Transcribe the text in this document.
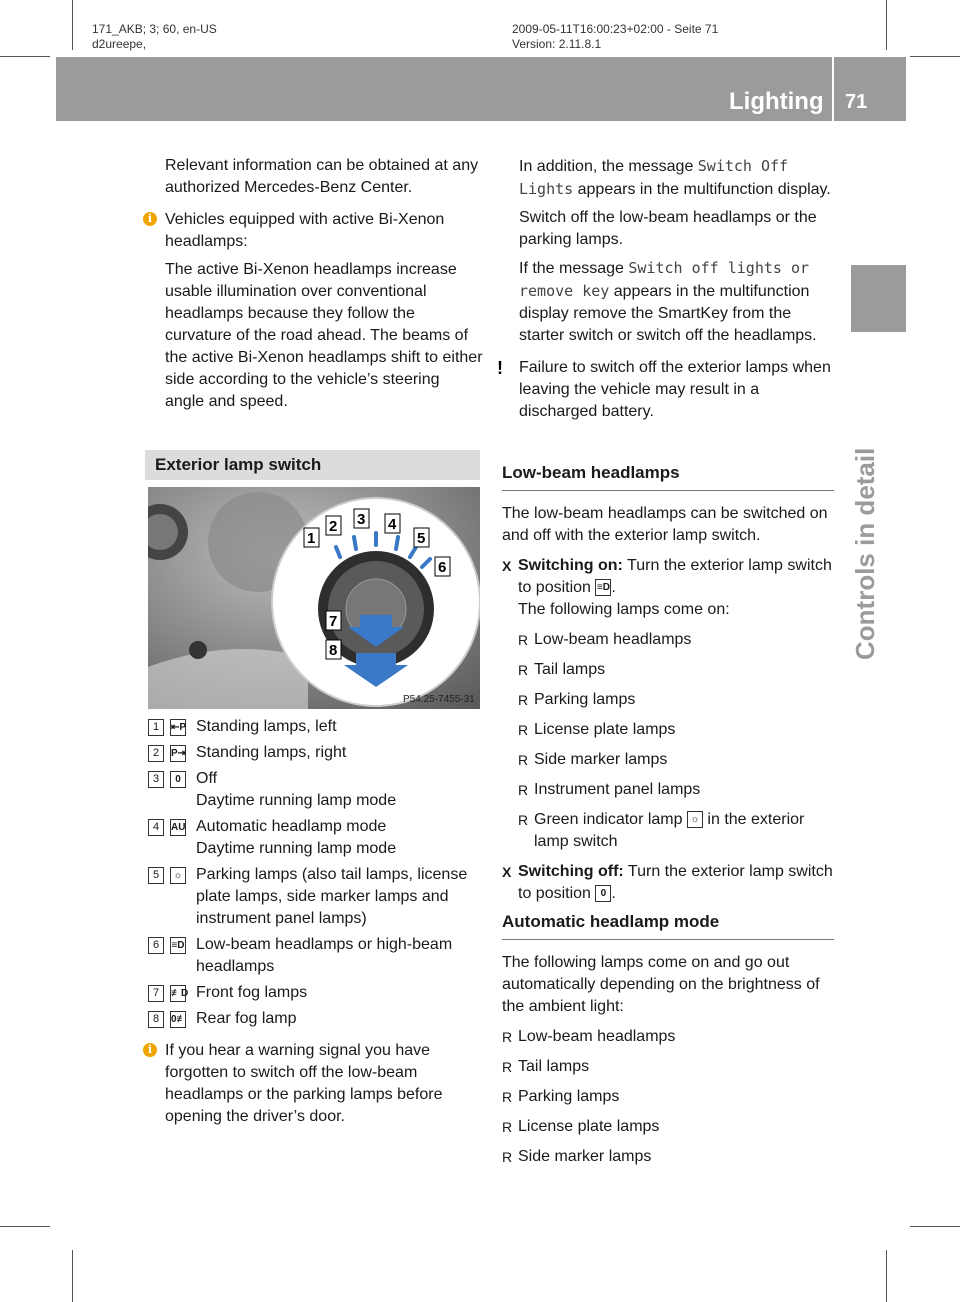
171_AKB; 3; 60, en-US
d2ureepe,
2009-05-11T16:00:23+02:00 - Seite 71
Version: 2.11.8.1
Lighting 71
Controls in detail

Relevant information can be obtained at any authorized Mercedes-Benz Center.

i Vehicles equipped with active Bi-Xenon headlamps:

The active Bi-Xenon headlamps increase usable illumination over conventional headlamps because they follow the curvature of the road ahead. The beams of the active Bi-Xenon headlamps shift to either side according to the vehicle’s steering angle and speed.

Exterior lamp switch
1
2 3 4
5
6
7
8
P54.25-7455-31
1	⇤P Standing lamps, left
2	P⇥ Standing lamps, right
3	0 Off
Daytime running lamp mode
4	AU Automatic headlamp mode
Daytime running lamp mode
5	☼ Parking lamps (also tail lamps, license plate lamps, side marker lamps and instrument panel lamps)
6	≡D Low-beam headlamps or high-beam headlamps
7	≢D Front fog lamps
8	0≢ Rear fog lamp
i If you hear a warning signal you have forgotten to switch off the low-beam headlamps or the parking lamps before opening the driver’s door.

In addition, the message Switch Off Lights appears in the multifunction display.

Switch off the low-beam headlamps or the parking lamps.

If the message Switch off lights or remove key appears in the multifunction display remove the SmartKey from the starter switch or switch off the headlamps.

! Failure to switch off the exterior lamps when leaving the vehicle may result in a discharged battery.

Low-beam headlamps

The low-beam headlamps can be switched on and off with the exterior lamp switch.

X Switching on: Turn the exterior lamp switch to position ≡D.

The following lamps come on:

R Low-beam headlamps
R Tail lamps
R Parking lamps
R License plate lamps
R Side marker lamps
R Instrument panel lamps
R Green indicator lamp ☼ in the exterior lamp switch
X Switching off: Turn the exterior lamp switch to position 0 .

Automatic headlamp mode

The following lamps come on and go out automatically depending on the brightness of the ambient light:

R Low-beam headlamps
R Tail lamps
R Parking lamps
R License plate lamps
R Side marker lamps
